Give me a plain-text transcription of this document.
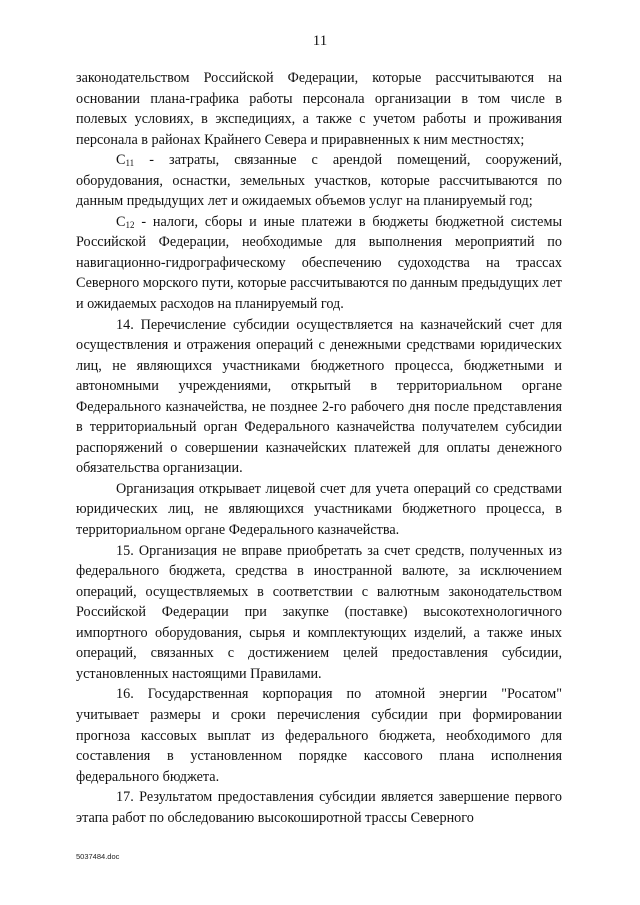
11

законодательством Российской Федерации, которые рассчитываются на основании плана-графика работы персонала организации в том числе в полевых условиях, в экспедициях, а также с учетом работы и проживания персонала в районах Крайнего Севера и приравненных к ним местностях;

$C_{11}$ - затраты, связанные с арендой помещений, сооружений, оборудования, оснастки, земельных участков, которые рассчитываются по данным предыдущих лет и ожидаемых объемов услуг на планируемый год;

$C_{12}$ - налоги, сборы и иные платежи в бюджеты бюджетной системы Российской Федерации, необходимые для выполнения мероприятий по навигационно-гидрографическому обеспечению судоходства на трассах Северного морского пути, которые рассчитываются по данным предыдущих лет и ожидаемых расходов на планируемый год.

14. Перечисление субсидии осуществляется на казначейский счет для осуществления и отражения операций с денежными средствами юридических лиц, не являющихся участниками бюджетного процесса, бюджетными и автономными учреждениями, открытый в территориальном органе Федерального казначейства, не позднее 2-го рабочего дня после представления в территориальный орган Федерального казначейства получателем субсидии распоряжений о совершении казначейских платежей для оплаты денежного обязательства организации.

Организация открывает лицевой счет для учета операций со средствами юридических лиц, не являющихся участниками бюджетного процесса, в территориальном органе Федерального казначейства.

15. Организация не вправе приобретать за счет средств, полученных из федерального бюджета, средства в иностранной валюте, за исключением операций, осуществляемых в соответствии с валютным законодательством Российской Федерации при закупке (поставке) высокотехнологичного импортного оборудования, сырья и комплектующих изделий, а также иных операций, связанных с достижением целей предоставления субсидии, установленных настоящими Правилами.

16. Государственная корпорация по атомной энергии "Росатом" учитывает размеры и сроки перечисления субсидии при формировании прогноза кассовых выплат из федерального бюджета, необходимого для составления в установленном порядке кассового плана исполнения федерального бюджета.

17. Результатом предоставления субсидии является завершение первого этапа работ по обследованию высокоширотной трассы Северного

5037484.doc
